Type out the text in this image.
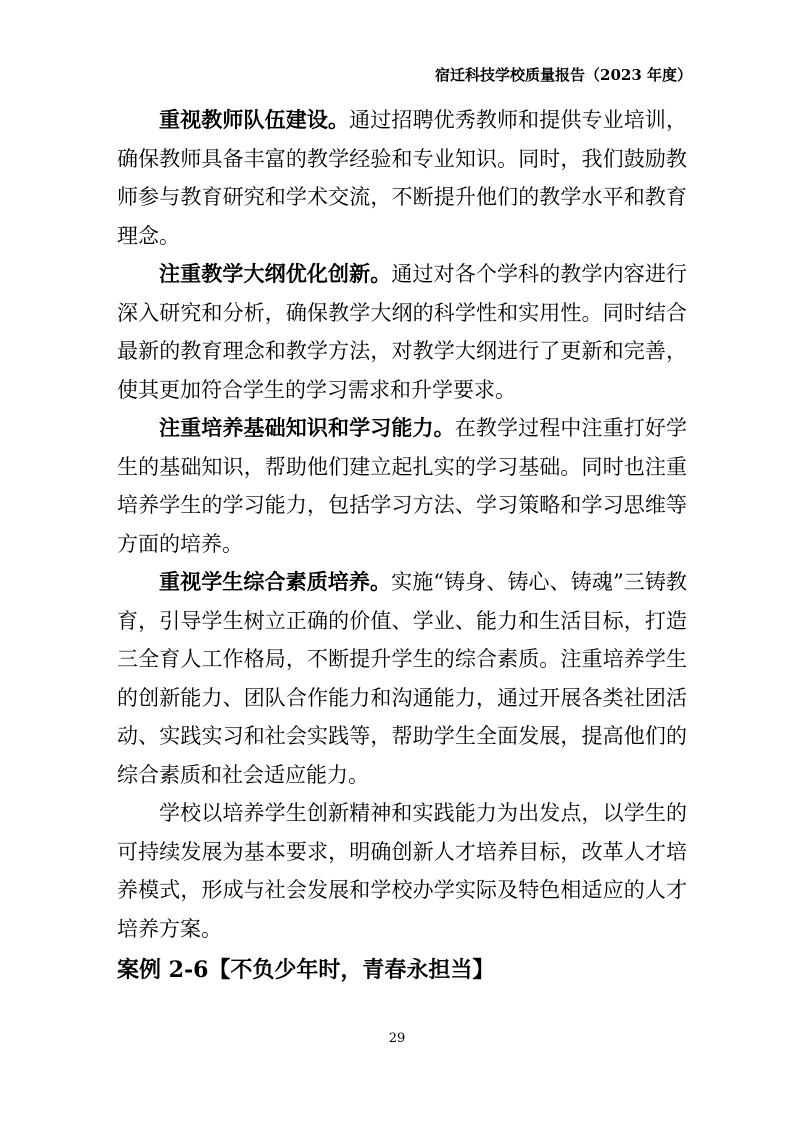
宿迁科技学校质量报告（2023 年度）

重视教师队伍建设。通过招聘优秀教师和提供专业培训，确保教师具备丰富的教学经验和专业知识。同时，我们鼓励教师参与教育研究和学术交流，不断提升他们的教学水平和教育理念。

注重教学大纲优化创新。通过对各个学科的教学内容进行深入研究和分析，确保教学大纲的科学性和实用性。同时结合最新的教育理念和教学方法，对教学大纲进行了更新和完善，使其更加符合学生的学习需求和升学要求。

注重培养基础知识和学习能力。在教学过程中注重打好学生的基础知识，帮助他们建立起扎实的学习基础。同时也注重培养学生的学习能力，包括学习方法、学习策略和学习思维等方面的培养。

重视学生综合素质培养。实施“铸身、铸心、铸魂”三铸教育，引导学生树立正确的价值、学业、能力和生活目标，打造三全育人工作格局，不断提升学生的综合素质。注重培养学生的创新能力、团队合作能力和沟通能力，通过开展各类社团活动、实践实习和社会实践等，帮助学生全面发展，提高他们的综合素质和社会适应能力。

学校以培养学生创新精神和实践能力为出发点，以学生的可持续发展为基本要求，明确创新人才培养目标，改革人才培养模式，形成与社会发展和学校办学实际及特色相适应的人才培养方案。

案例 2-6【不负少年时，青春永担当】
29
